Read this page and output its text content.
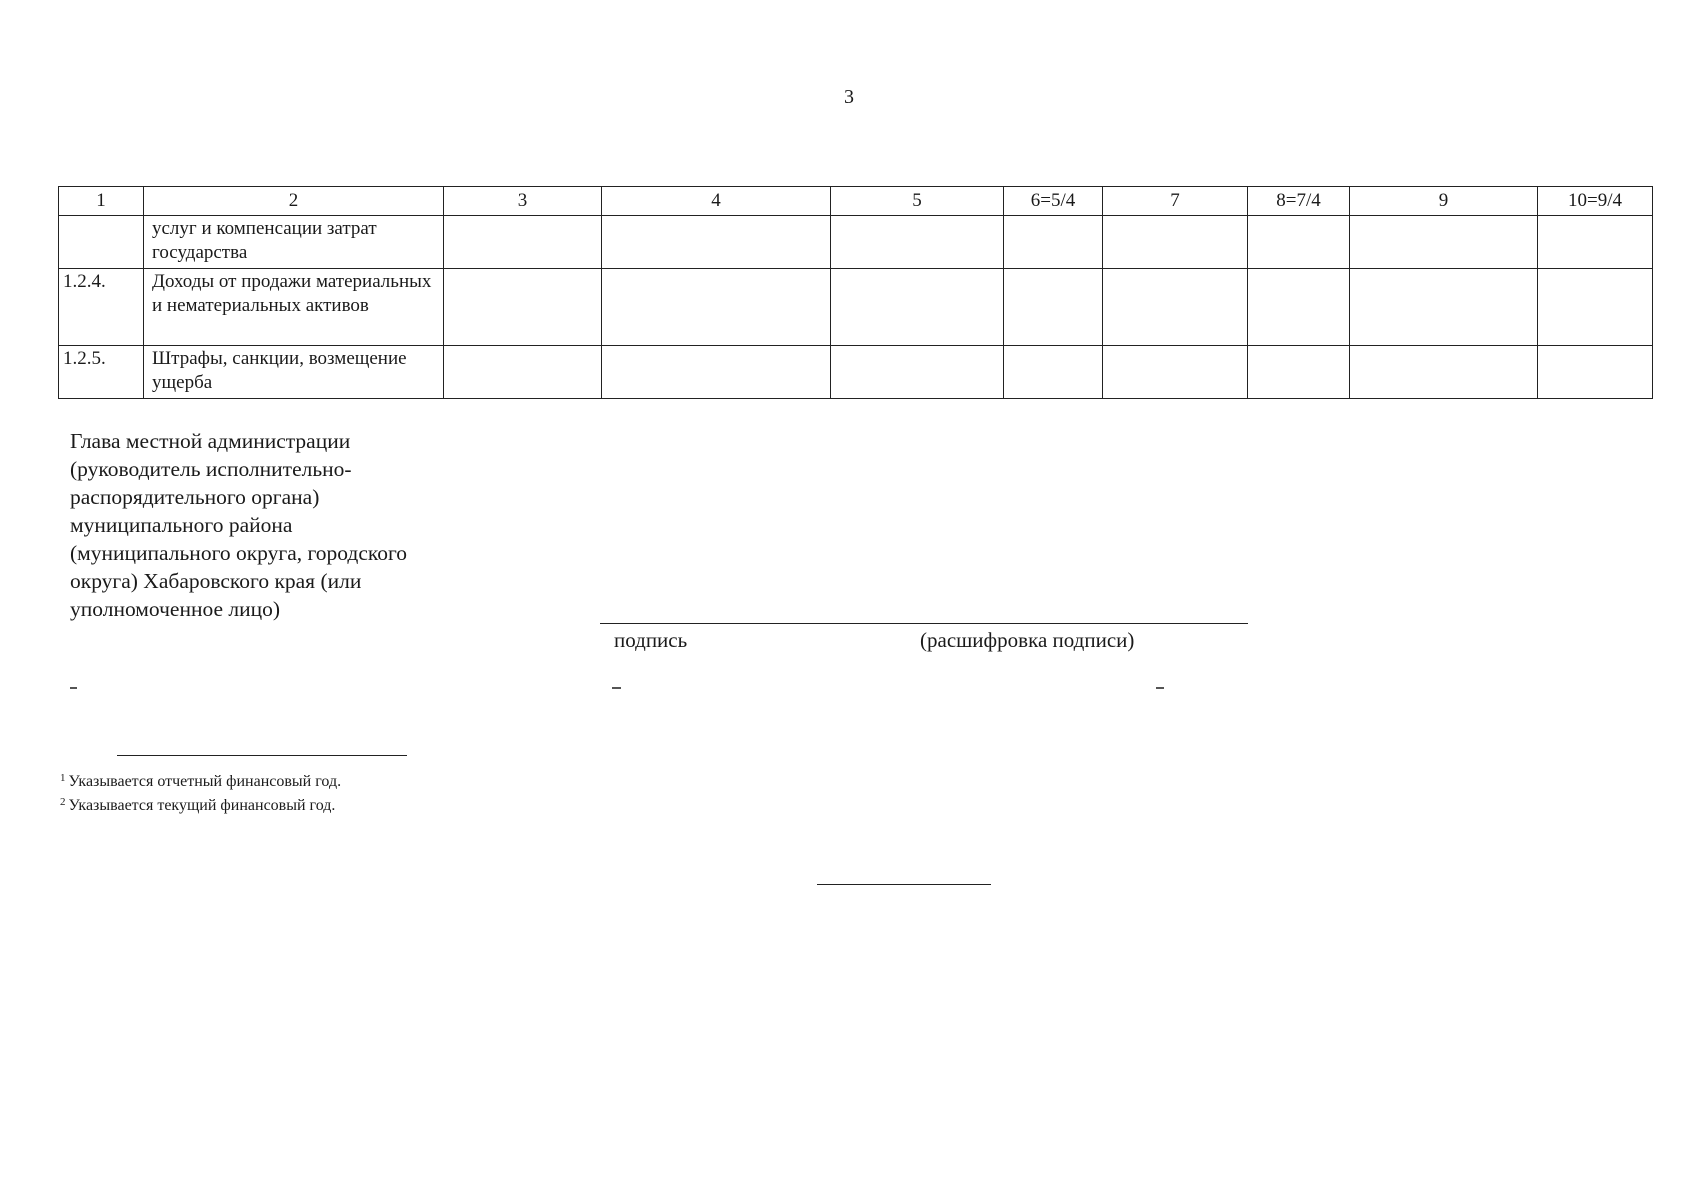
3
1	2	3	4	5	6=5/4	7	8=7/4	9	10=9/4
	услуг и компенсации затрат государства								
1.2.4.	Доходы от продажи материальных и нематериальных активов								
1.2.5.	Штрафы, санкции, возмещение ущерба								
Глава местной администрации (руководитель исполнительно-распорядительного органа) муниципального района (муниципального округа, городского округа) Хабаровского края (или уполномоченное лицо)
подпись	(расшифровка подписи)
$^1$ Указывается отчетный финансовый год.
$^2$ Указывается текущий финансовый год.
